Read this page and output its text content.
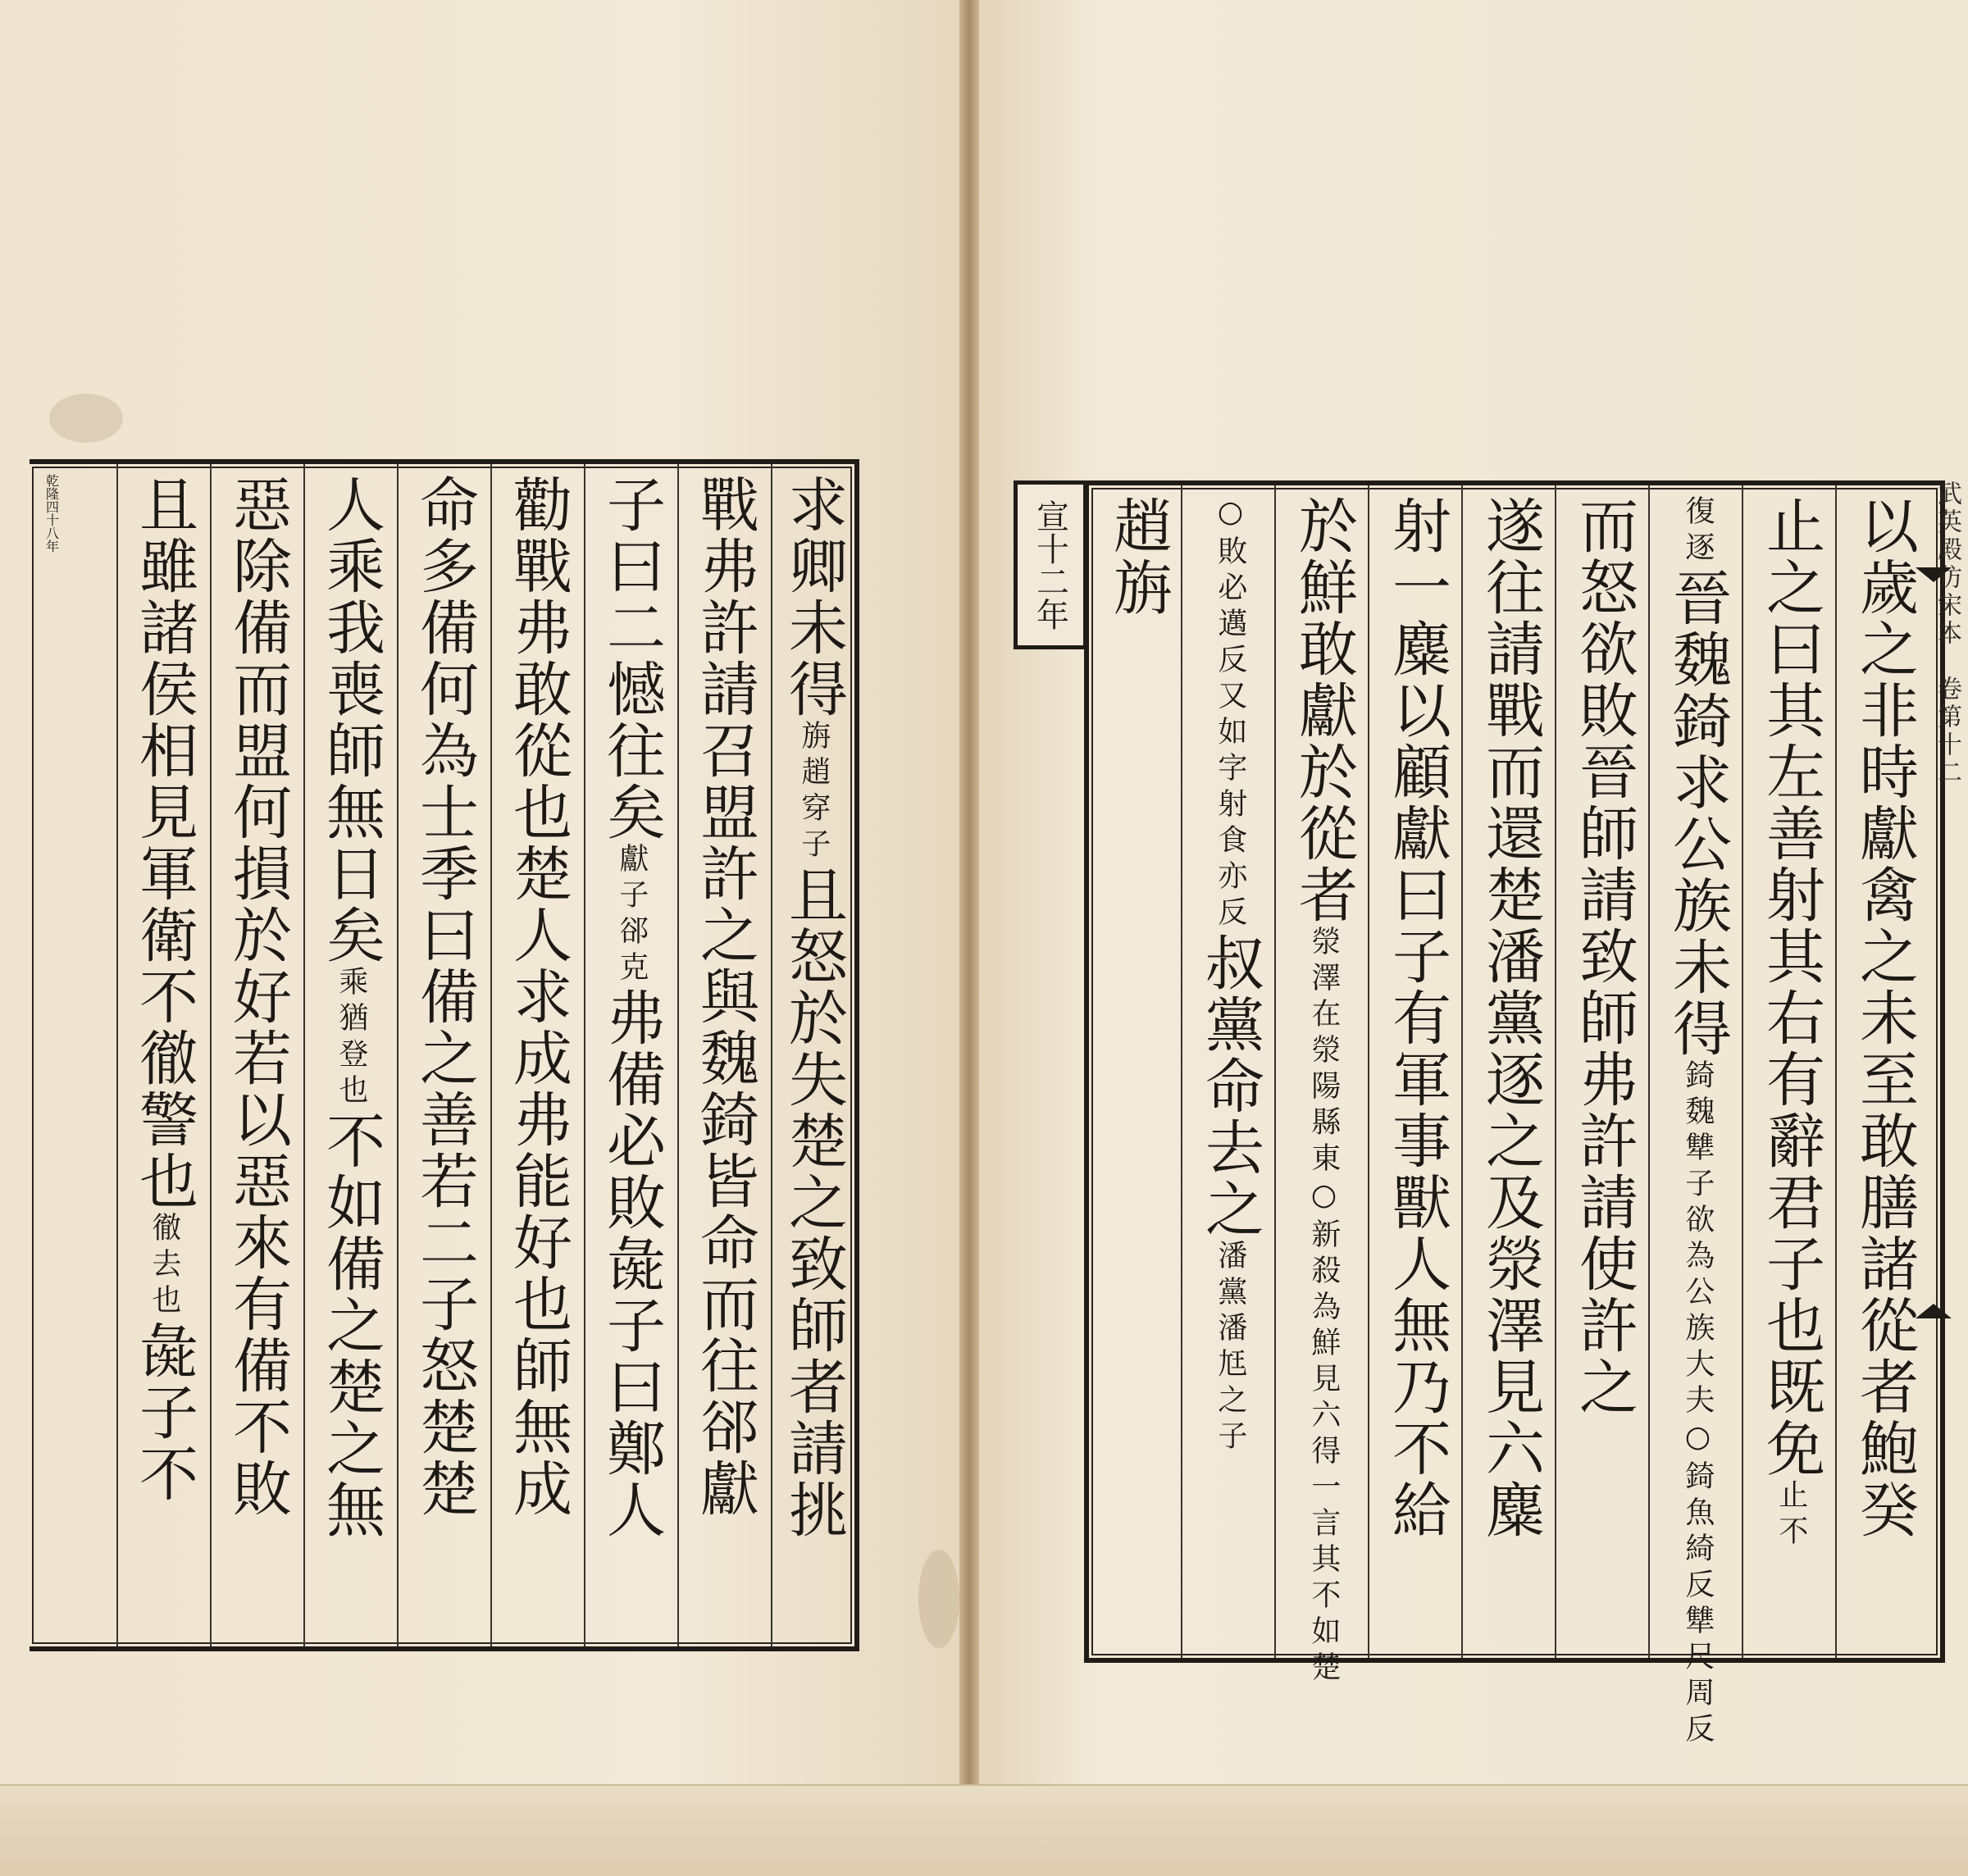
乾隆四十八年	求卿未得
旃趙穿子
且怒於失楚之致師者請挑
戰弗許請召盟許之與魏錡皆命而往郤獻
子曰二憾往矣
獻子郤克
弗備必敗彘子曰鄭人
勸戰弗敢從也楚人求成弗能好也師無成
命多備何為士季曰備之善若二子怒楚楚
人乘我喪師無日矣
乘猶登也
不如備之楚之無
惡除備而盟何損於好若以惡來有備不敗
且雖諸侯相見軍衛不徹警也
徹去也
彘子不
宣十二年	以歲之非時獻禽之未至敢膳諸從者鮑癸
止之曰其左善射其右有辭君子也既免
止不
復逐
晉魏錡求公族未得
錡魏犨子欲為公族大夫○錡魚綺反犨尺周反
而怒欲敗晉師請致師弗許請使許之
遂往請戰而還楚潘黨逐之及滎澤見六麋
射一麋以顧獻曰子有軍事獸人無乃不給
於鮮敢獻於從者
滎澤在滎陽縣東○新殺為鮮見六得一言其不如楚
○敗必邁反又如字射食亦反
叔黨命去之
潘黨潘尪之子
趙旃	武英殿仿宋本　卷第十二
